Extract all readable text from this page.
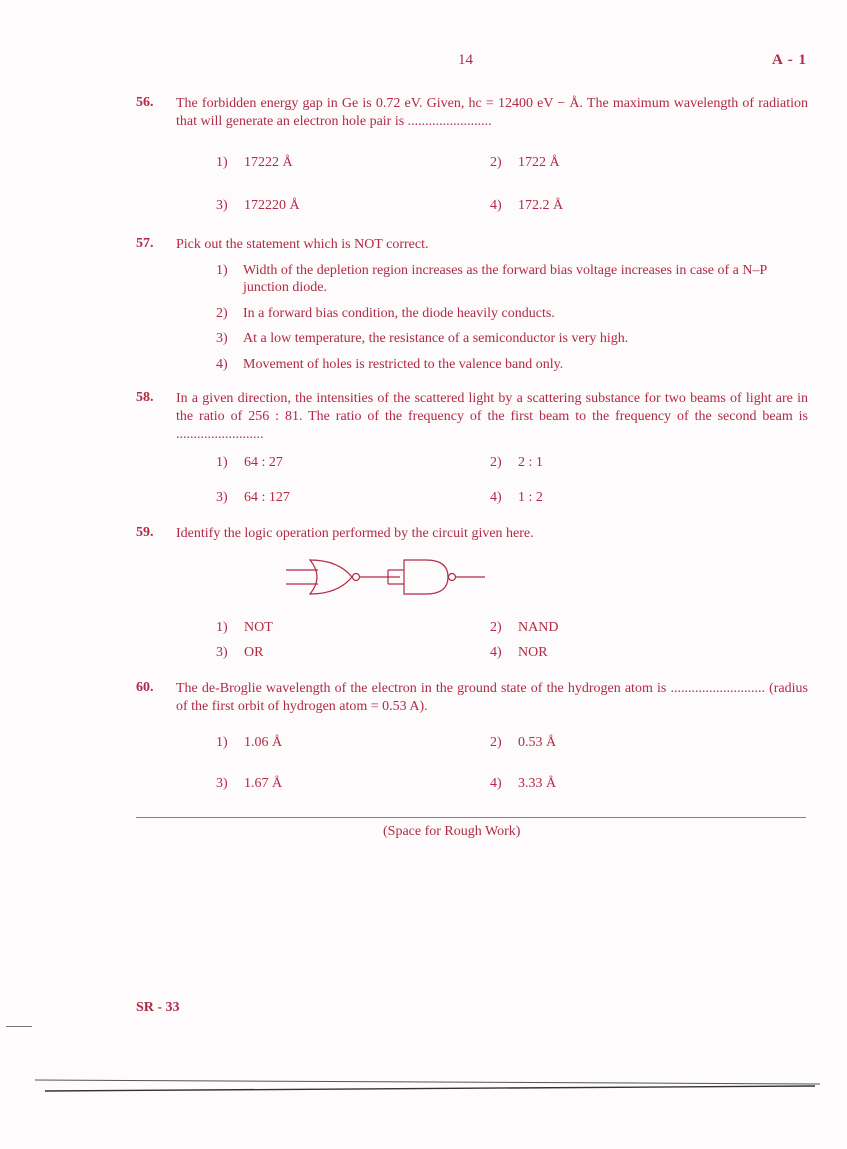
14	A - 1
56. The forbidden energy gap in Ge is 0.72 eV. Given, hc = 12400 eV − Å. The maximum wavelength of radiation that will generate an electron hole pair is ........................
1) 17222 Å	2) 1722 Å
3) 172220 Å	4) 172.2 Å
57. Pick out the statement which is NOT correct.
1) Width of the depletion region increases as the forward bias voltage increases in case of a N–P junction diode.
2) In a forward bias condition, the diode heavily conducts.
3) At a low temperature, the resistance of a semiconductor is very high.
4) Movement of holes is restricted to the valence band only.
58. In a given direction, the intensities of the scattered light by a scattering substance for two beams of light are in the ratio of 256 : 81. The ratio of the frequency of the first beam to the frequency of the second beam is .........................
1) 64 : 27	2) 2 : 1
3) 64 : 127	4) 1 : 2
59. Identify the logic operation performed by the circuit given here.
1) NOT	2) NAND
3) OR	4) NOR
60. The de-Broglie wavelength of the electron in the ground state of the hydrogen atom is ........................... (radius of the first orbit of hydrogen atom = 0.53 A).
1) 1.06 Å	2) 0.53 Å
3) 1.67 Å	4) 3.33 Å
(Space for Rough Work)
SR - 33
